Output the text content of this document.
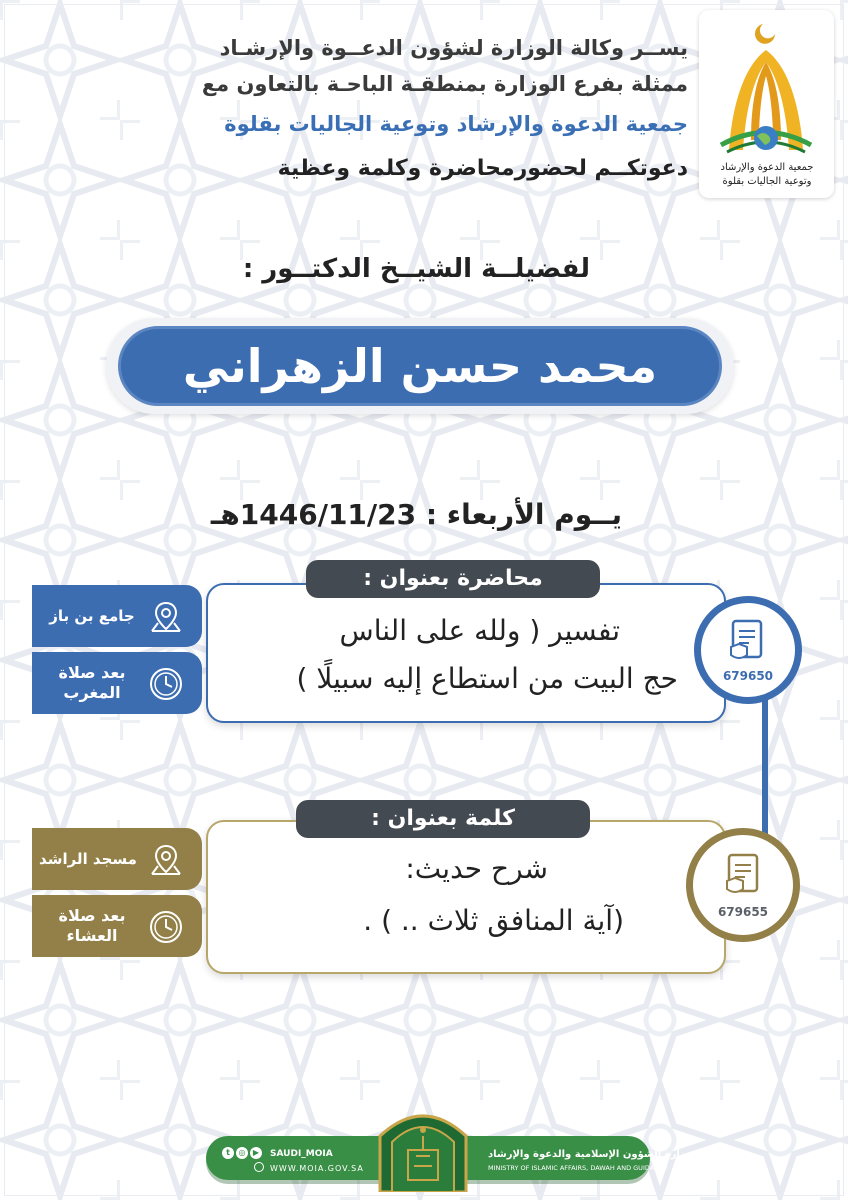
جمعية الدعوة والإرشاد
وتوعية الجاليات بقلوة
يســر وكالة الوزارة لشؤون الدعــوة والإرشـاد
ممثلة بفرع الوزارة بمنطقـة الباحـة بالتعاون مع
جمعية الدعوة والإرشاد وتوعية الجاليات بقلوة
دعوتكــم لحضورمحاضرة وكلمة وعظية
لفضيلــة الشيــخ الدكتــور :
محمد حسن الزهراني
يــوم الأربعاء : 1446/11/23هـ
محاضرة بعنوان :
تفسير ( ولله على الناس
حج البيت من استطاع إليه سبيلًا )	679650
جامع بن باز
بعد صلاة المغرب
كلمة بعنوان :
شرح حديث:
(آية المنافق ثلاث .. ) .	679655
مسجد الراشد
بعد صلاة العشاء
وزارة الشؤون الإسلامية والدعوة والإرشاد
MINISTRY OF ISLAMIC AFFAIRS, DAWAH AND GUIDANCE
t	◎ ▶	SAUDI_MOIA
WWW.MOIA.GOV.SA
